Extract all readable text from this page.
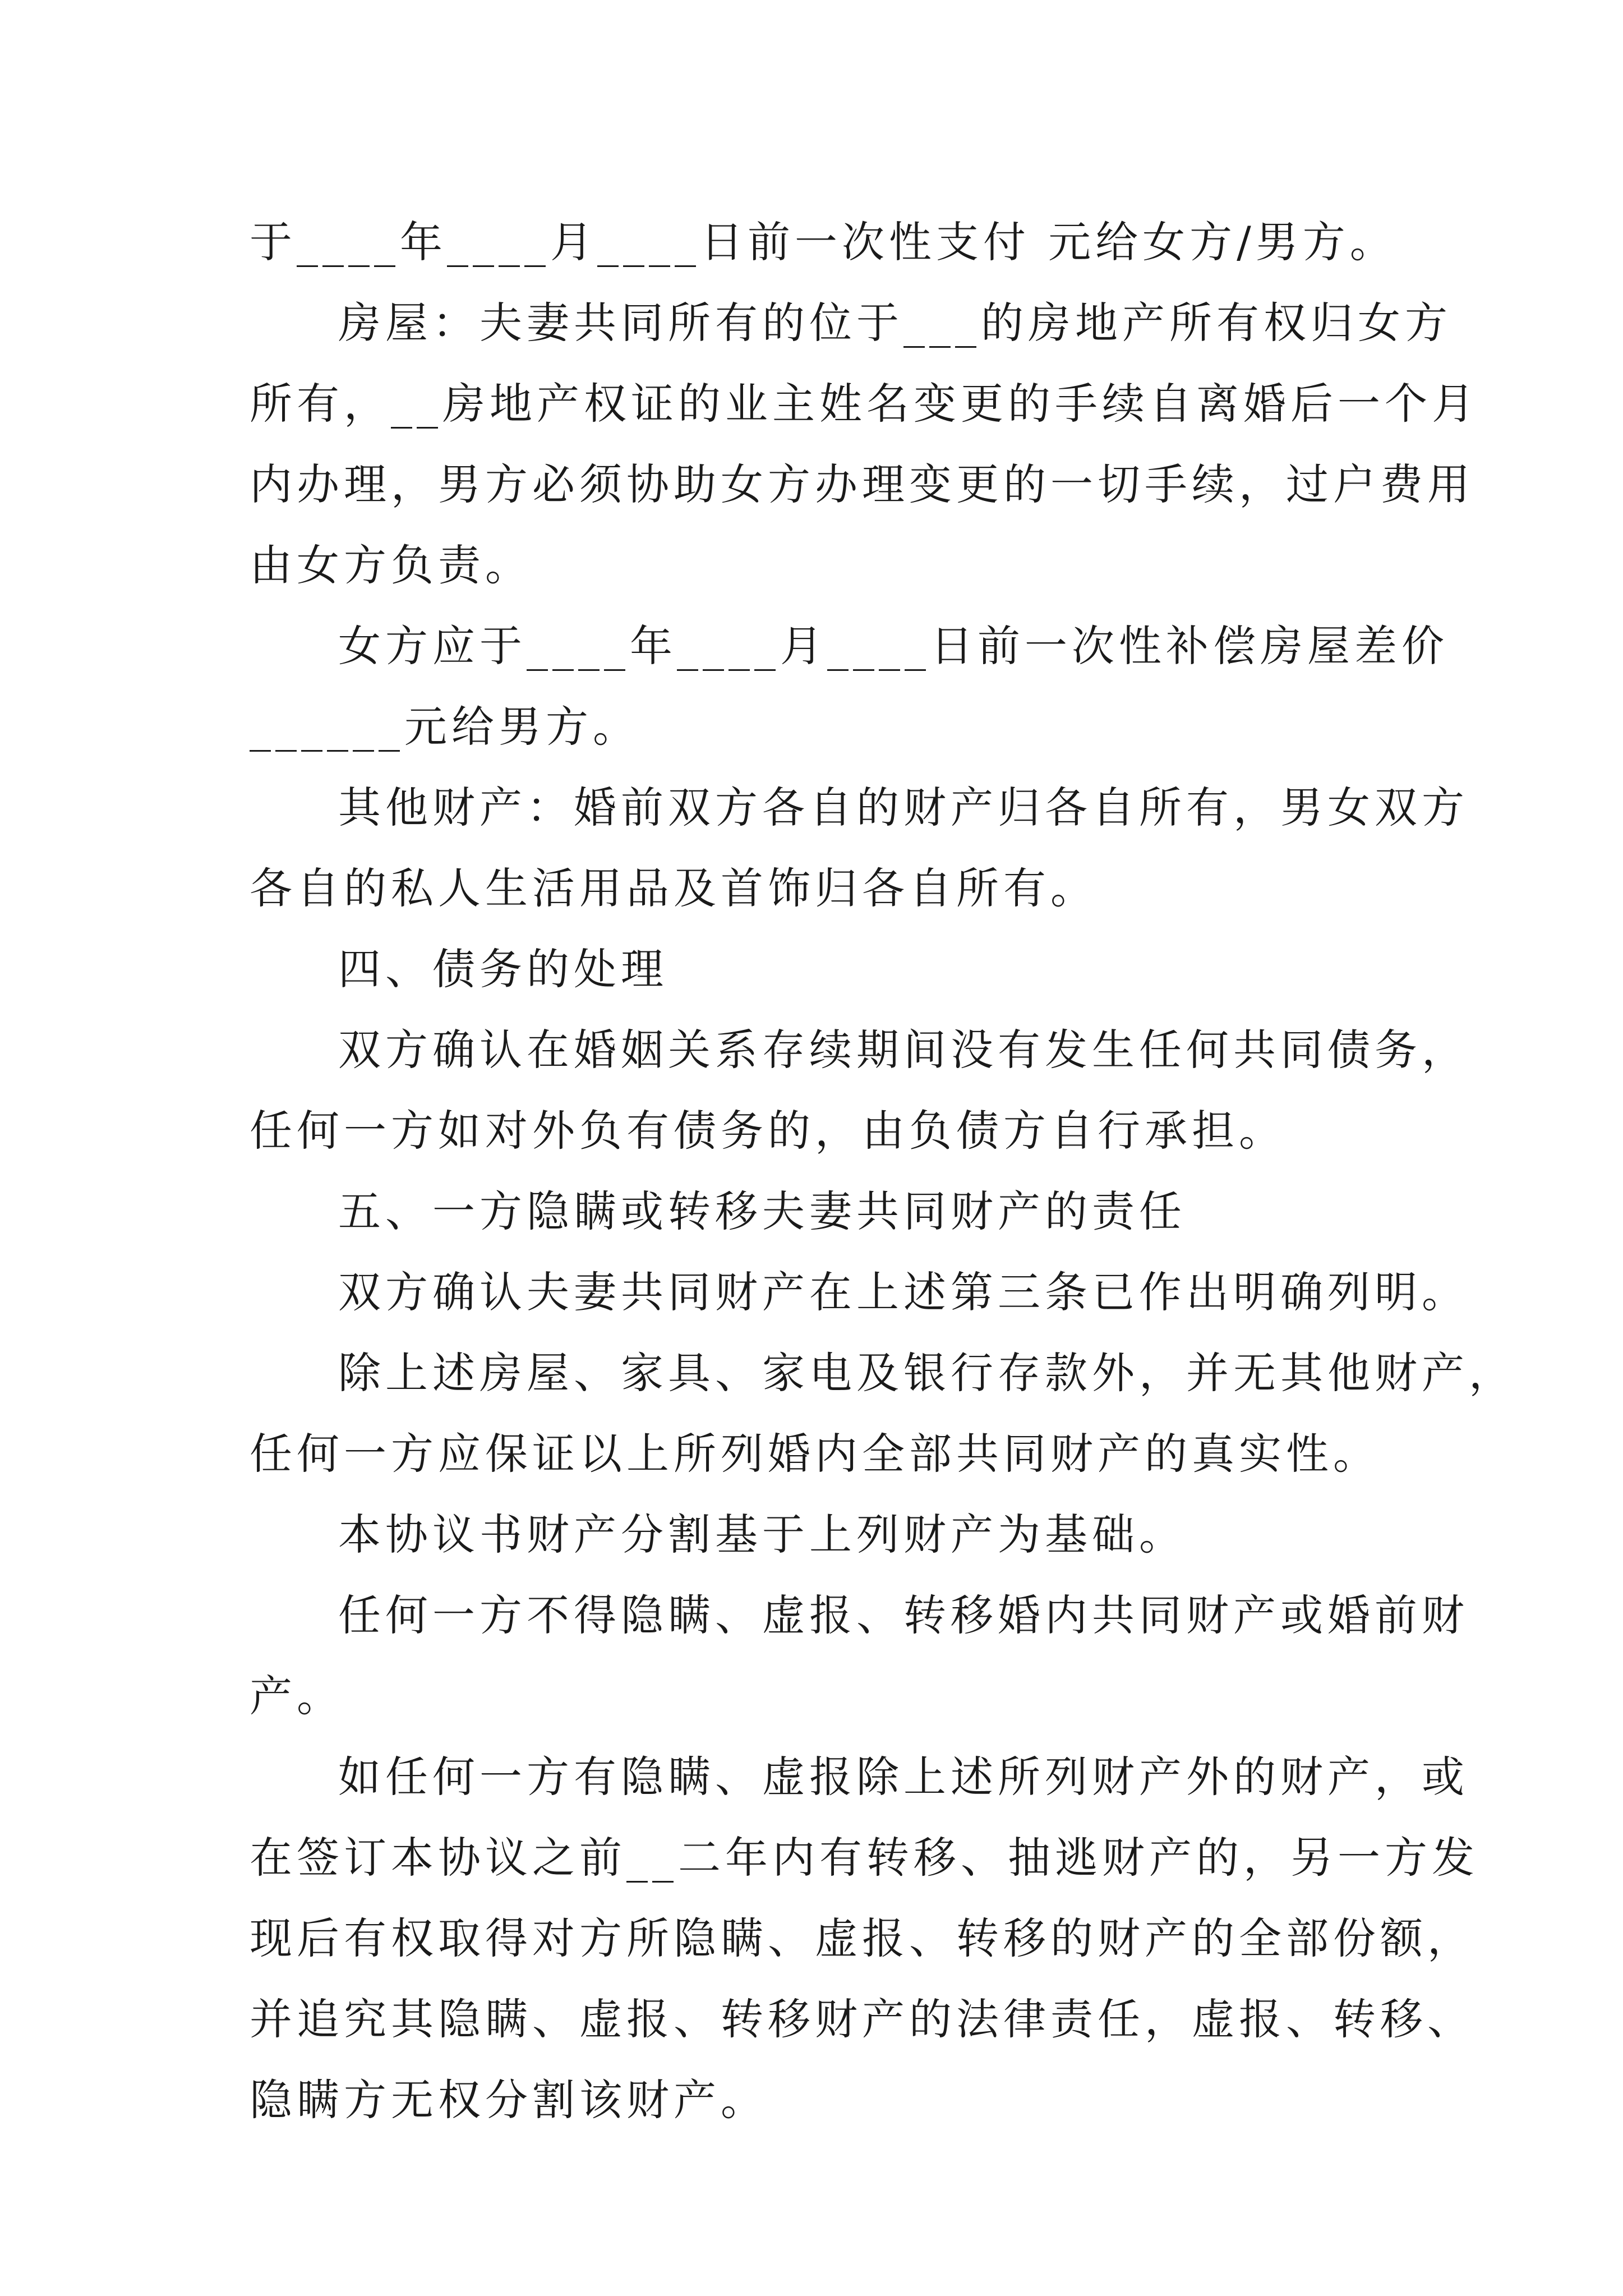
于____年____月____日前一次性支付 元给女方/男方。
房屋：夫妻共同所有的位于___的房地产所有权归女方
所有，__房地产权证的业主姓名变更的手续自离婚后一个月
内办理，男方必须协助女方办理变更的一切手续，过户费用
由女方负责。
女方应于____年____月____日前一次性补偿房屋差价
______元给男方。
其他财产：婚前双方各自的财产归各自所有，男女双方
各自的私人生活用品及首饰归各自所有。
四、债务的处理
双方确认在婚姻关系存续期间没有发生任何共同债务，
任何一方如对外负有债务的，由负债方自行承担。
五、一方隐瞒或转移夫妻共同财产的责任
双方确认夫妻共同财产在上述第三条已作出明确列明。
除上述房屋、家具、家电及银行存款外，并无其他财产，
任何一方应保证以上所列婚内全部共同财产的真实性。
本协议书财产分割基于上列财产为基础。
任何一方不得隐瞒、虚报、转移婚内共同财产或婚前财
产。
如任何一方有隐瞒、虚报除上述所列财产外的财产，或
在签订本协议之前__二年内有转移、抽逃财产的，另一方发
现后有权取得对方所隐瞒、虚报、转移的财产的全部份额，
并追究其隐瞒、虚报、转移财产的法律责任，虚报、转移、
隐瞒方无权分割该财产。
